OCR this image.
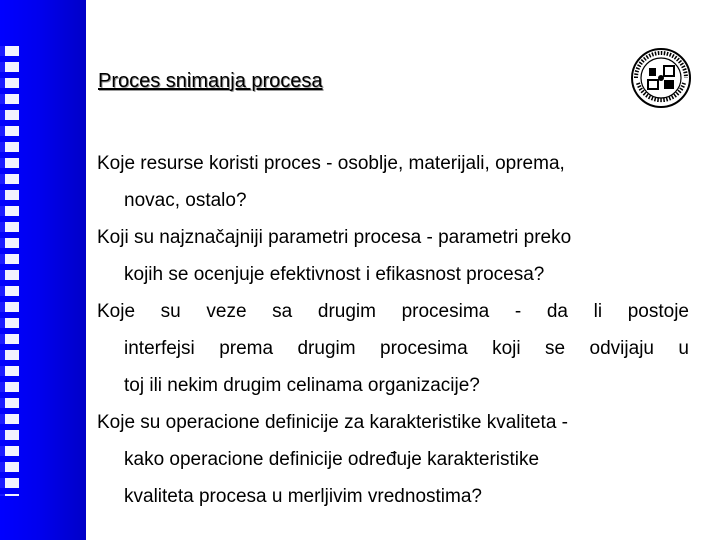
Proces snimanja procesa
Koje resurse koristi proces - osoblje, materijali, oprema,
novac, ostalo?
Koji su najznačajniji parametri procesa - parametri preko
kojih se ocenjuje efektivnost i efikasnost procesa?
Koje su veze sa drugim procesima - da li postoje
interfejsi prema drugim procesima koji se odvijaju u
toj ili nekim drugim celinama organizacije?
Koje su operacione definicije za karakteristike kvaliteta -
kako operacione definicije određuje karakteristike
kvaliteta procesa u merljivim vrednostima?
